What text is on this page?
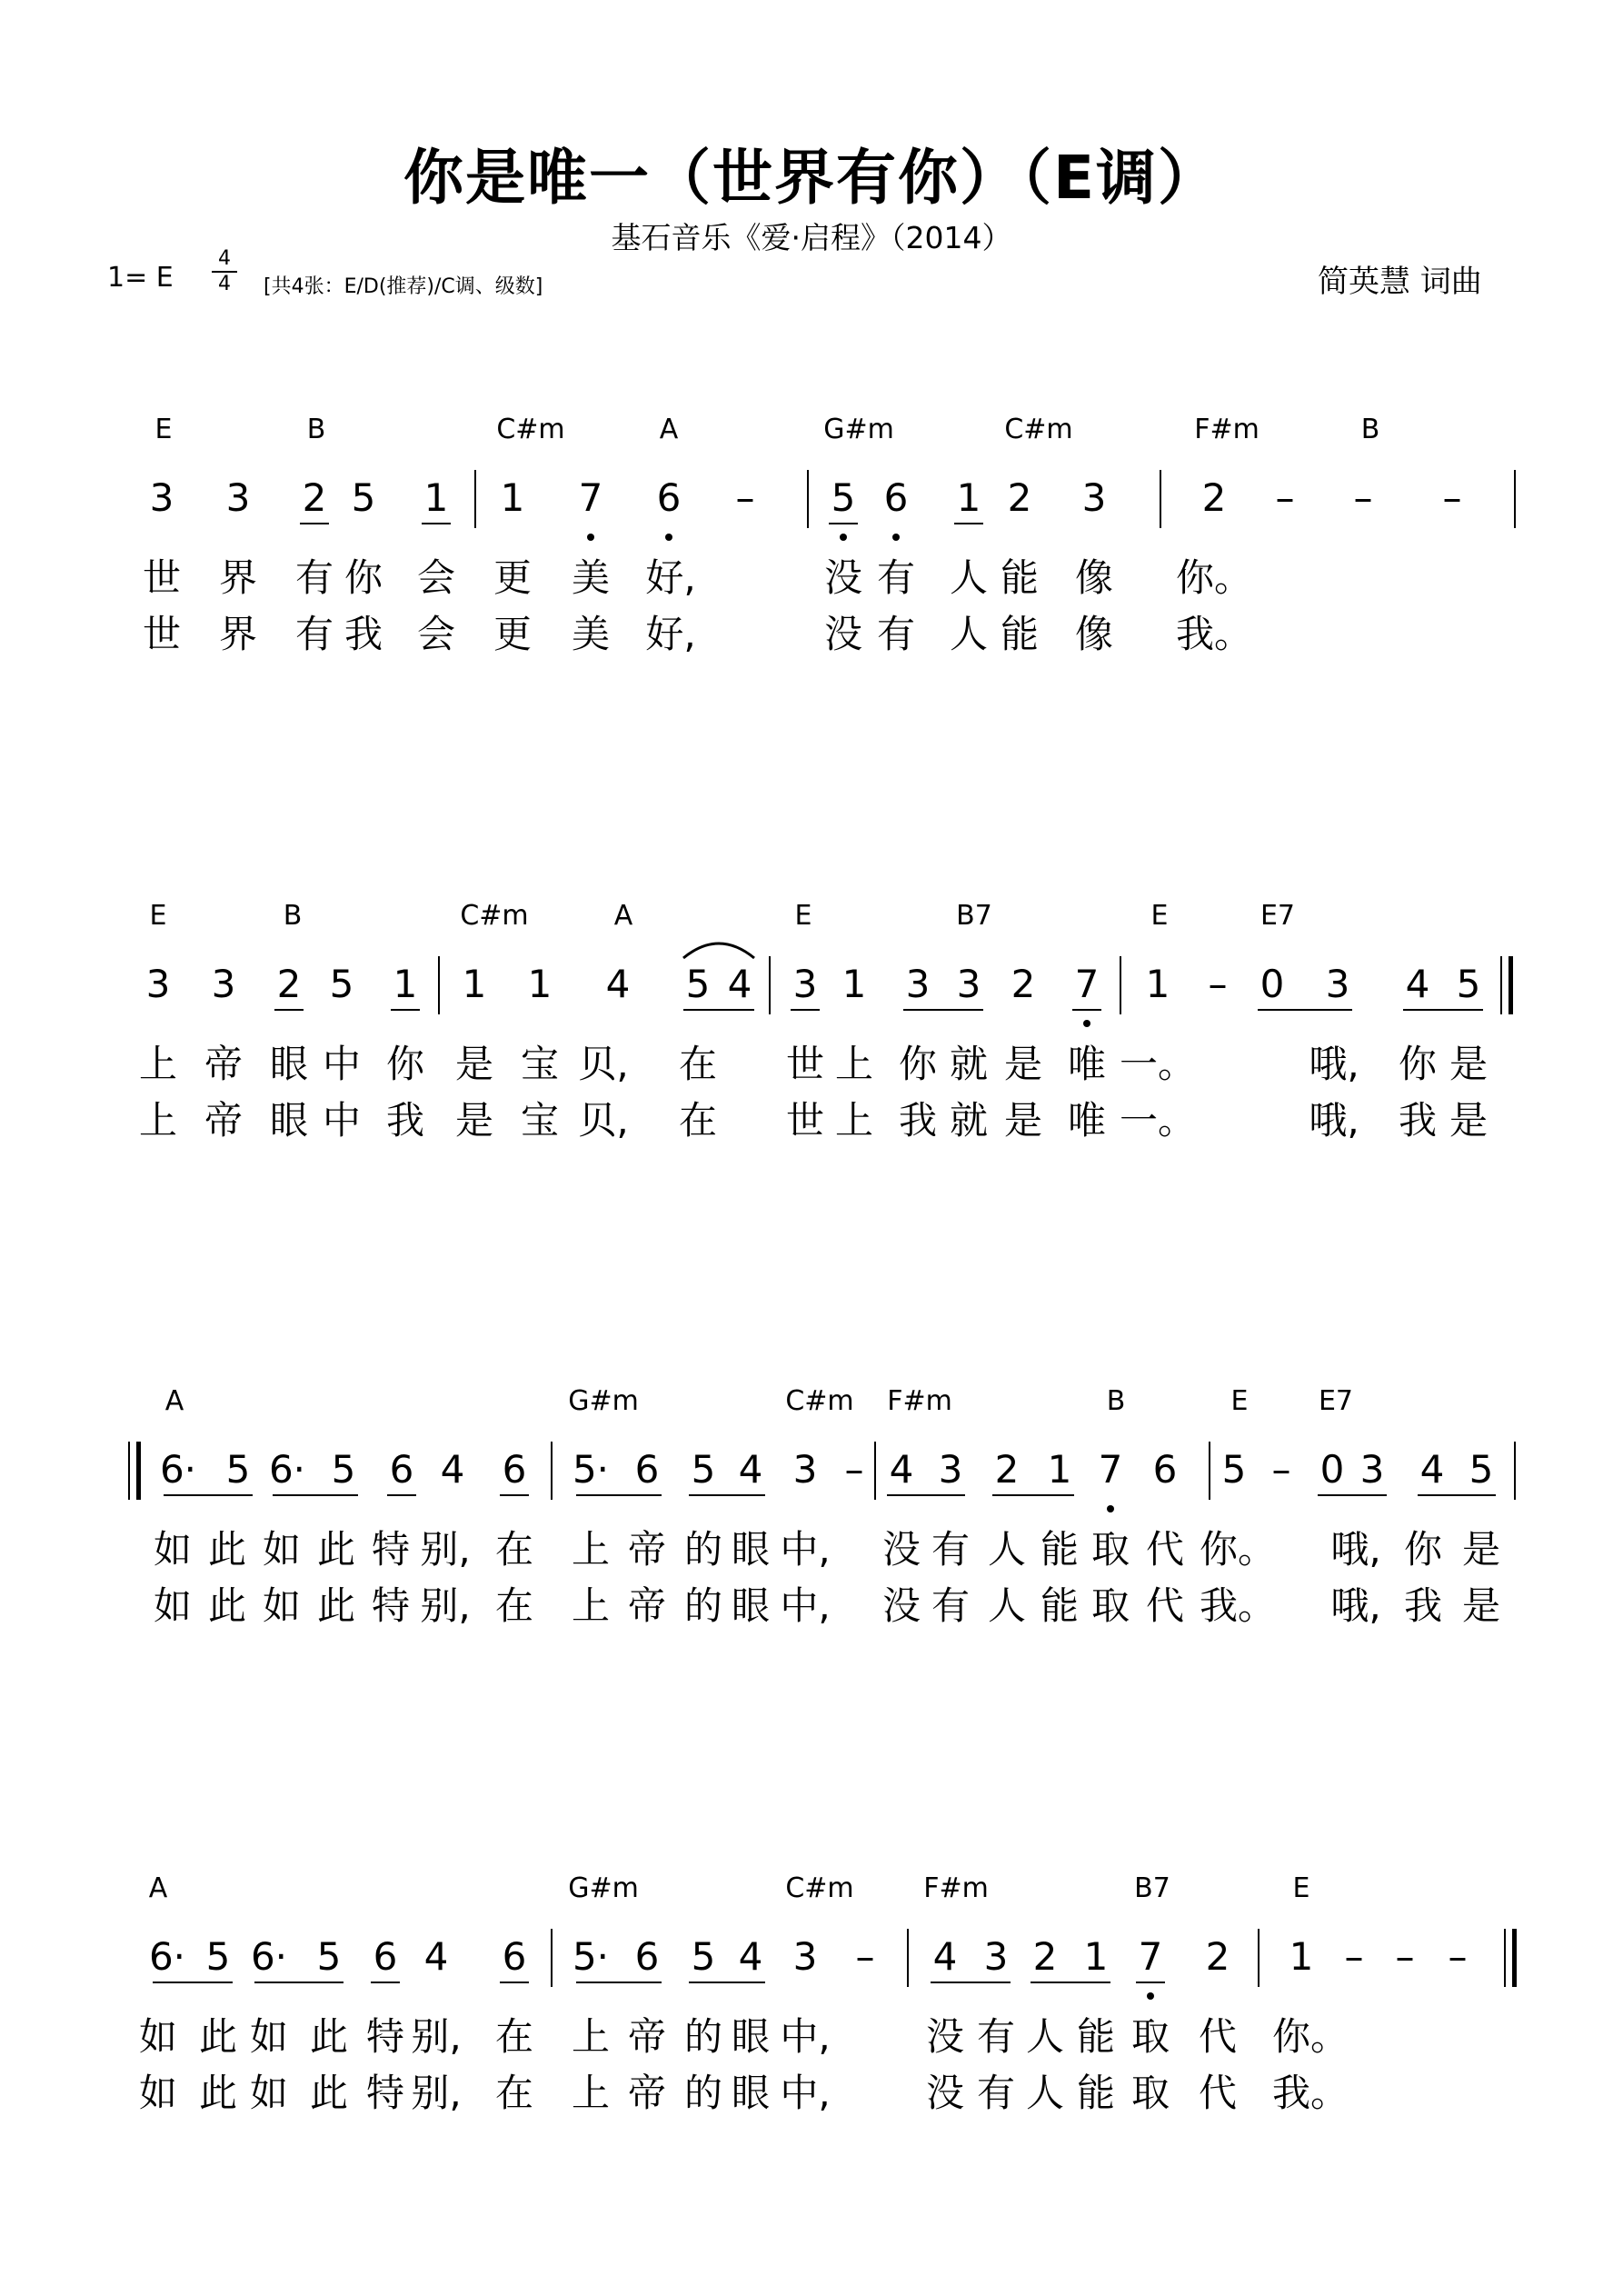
你是唯一（世界有你）（E调）
基石音乐《爱·启程》（2014）
1= E
4
4	[共4张：E/D(推荐)/C调、级数]	简英慧 词曲
E	B	C#m	A	G#m	C#m	F#m	B
3 3 2 5 1 1 7 6 – 5 6 1 2 3	2 – – –
世 界 有 你 会 更 美 好,	没 有 人 能 像 你。
世 界 有 我 会 更 美 好,	没 有 人 能 像 我。
E	B	C#m	A	E	B7	E	E7
3 3 2 5 1 1 1 4 5 4 3 1 3 3 2 7 1 – 0 3 4 5
上 帝 眼 中 你 是 宝 贝, 在 世 上 你 就 是 唯 一。	哦, 你 是
上 帝 眼 中 我 是 宝 贝, 在 世 上 我 就 是 唯 一。	哦, 我 是
A	G#m	C#m F#m	B	E	E7
6· 5 6· 5 6 4 6 5· 6 5 4 3 – 4 3 2 1 7 6 5 – 0 3 4 5
如 此 如 此 特 别, 在 上 帝 的 眼 中, 没 有 人 能 取 代 你。 哦, 你 是
如 此 如 此 特 别, 在 上 帝 的 眼 中, 没 有 人 能 取 代 我。 哦, 我 是
A	G#m	C#m	F#m	B7	E
6· 5 6· 5 6 4 6 5· 6 5 4 3 – 4 3 2 1 7 2 1 – – –
如 此 如 此 特 别, 在 上 帝 的 眼 中,	没 有 人 能 取 代 你。
如 此 如 此 特 别, 在 上 帝 的 眼 中,	没 有 人 能 取 代 我。
